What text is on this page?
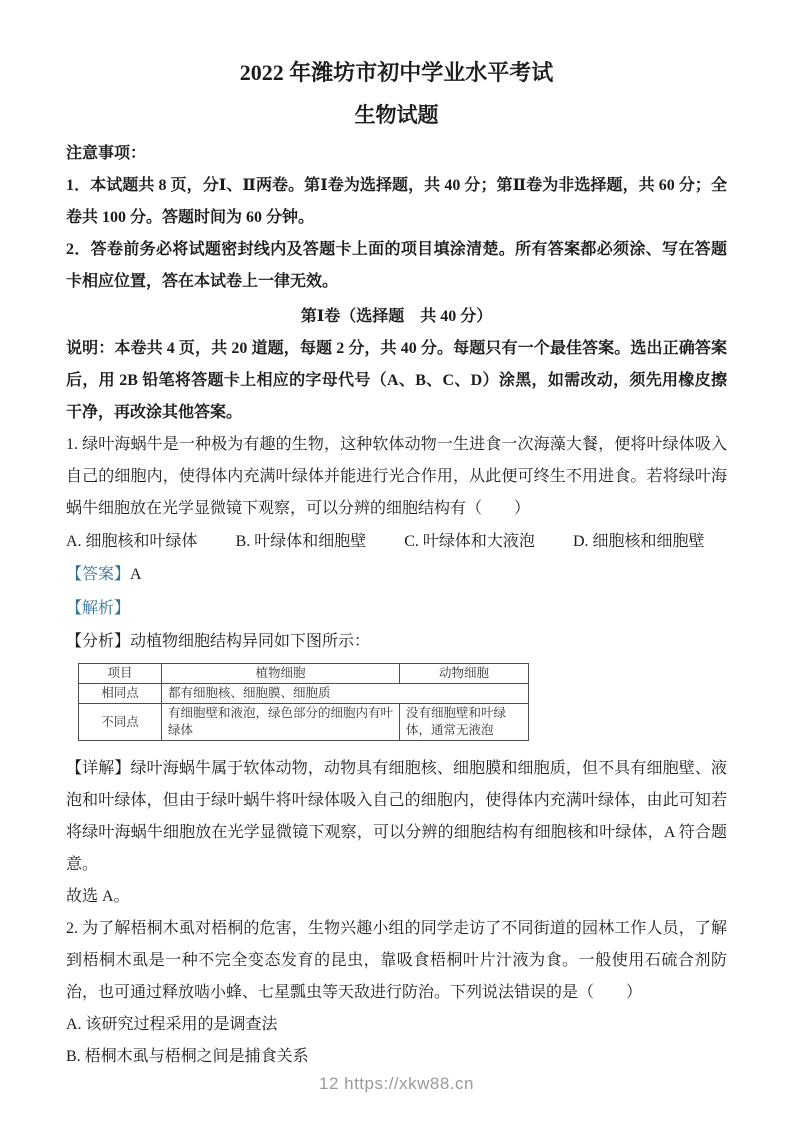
2022 年潍坊市初中学业水平考试
生物试题

注意事项：

1．本试题共 8 页，分Ⅰ、Ⅱ两卷。第Ⅰ卷为选择题，共 40 分；第Ⅱ卷为非选择题，共 60 分；全卷共 100 分。答题时间为 60 分钟。

2．答卷前务必将试题密封线内及答题卡上面的项目填涂清楚。所有答案都必须涂、写在答题卡相应位置，答在本试卷上一律无效。

第Ⅰ卷（选择题　共 40 分）

说明：本卷共 4 页，共 20 道题，每题 2 分，共 40 分。每题只有一个最佳答案。选出正确答案后，用 2B 铅笔将答题卡上相应的字母代号（A、B、C、D）涂黑，如需改动，须先用橡皮擦干净，再改涂其他答案。

1. 绿叶海蜗牛是一种极为有趣的生物，这种软体动物一生进食一次海藻大餐，便将叶绿体吸入自己的细胞内，使得体内充满叶绿体并能进行光合作用，从此便可终生不用进食。若将绿叶海蜗牛细胞放在光学显微镜下观察，可以分辨的细胞结构有（　　）

A. 细胞核和叶绿体 B. 叶绿体和细胞壁 C. 叶绿体和大液泡 D. 细胞核和细胞壁

【答案】A

【解析】

【分析】动植物细胞结构异同如下图所示：

项目	植物细胞	动物细胞
相同点	都有细胞核、细胞膜、细胞质	
不同点	有细胞壁和液泡，绿色部分的细胞内有叶绿体	没有细胞壁和叶绿体，通常无液泡

【详解】绿叶海蜗牛属于软体动物，动物具有细胞核、细胞膜和细胞质，但不具有细胞壁、液泡和叶绿体，但由于绿叶蜗牛将叶绿体吸入自己的细胞内，使得体内充满叶绿体，由此可知若将绿叶海蜗牛细胞放在光学显微镜下观察，可以分辨的细胞结构有细胞核和叶绿体，A 符合题意。

故选 A。

2. 为了解梧桐木虱对梧桐的危害，生物兴趣小组的同学走访了不同街道的园林工作人员，了解到梧桐木虱是一种不完全变态发育的昆虫，靠吸食梧桐叶片汁液为食。一般使用石硫合剂防治，也可通过释放啮小蜂、七星瓢虫等天敌进行防治。下列说法错误的是（　　）

A. 该研究过程采用的是调查法

B. 梧桐木虱与梧桐之间是捕食关系

12 https://xkw88.cn
